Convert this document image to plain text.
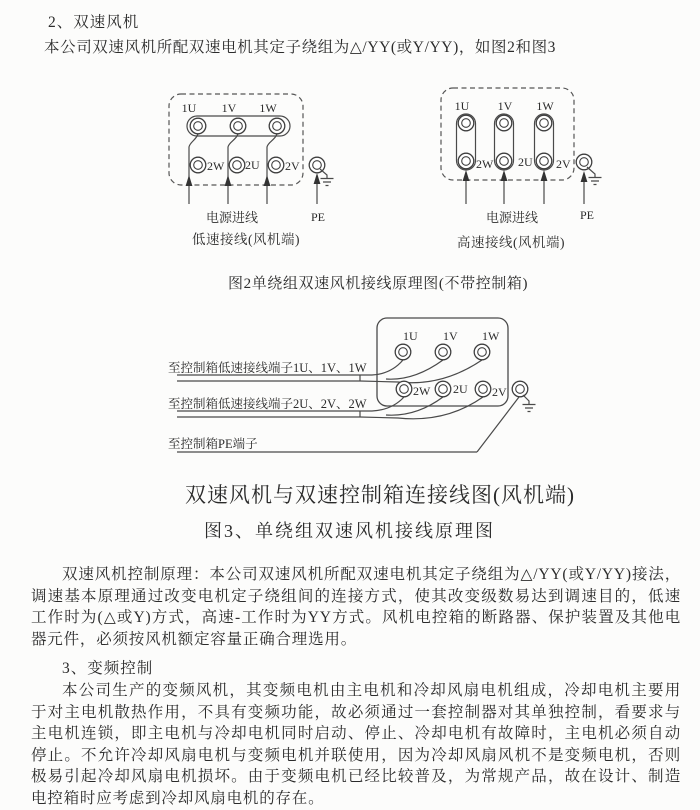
2、双速风机
本公司双速风机所配双速电机其定子绕组为△/YY(或Y/YY)，如图2和图3
1U 1V 1W
2W 2U 2V
电源进线	PE
低速接线(风机端)
1U 1V 1W
2W 2U 2V
电源进线	PE
高速接线(风机端)
1U 1V 1W
2W 2U 2V
至控制箱低速接线端子1U、1V、1W
至控制箱低速接线端子2U、2V、2W
至控制箱PE端子
图2单绕组双速风机接线原理图(不带控制箱)
双速风机与双速控制箱连接线图(风机端)
图3、单绕组双速风机接线原理图
双速风机控制原理：本公司双速风机所配双速电机其定子绕组为△/YY(或Y/YY)接法，调速基本原理通过改变电机定子绕组间的连接方式，使其改变级数易达到调速目的，低速工作时为(△或Y)方式，高速-工作时为YY方式。风机电控箱的断路器、保护装置及其他电器元件，必须按风机额定容量正确合理选用。
3、变频控制
本公司生产的变频风机，其变频电机由主电机和冷却风扇电机组成，冷却电机主要用于对主电机散热作用，不具有变频功能，故必须通过一套控制器对其单独控制，看要求与主电机连锁，即主电机与冷却电机同时启动、停止、冷却电机有故障时，主电机必须自动停止。不允许冷却风扇电机与变频电机并联使用，因为冷却风扇风机不是变频电机，否则极易引起冷却风扇电机损坏。由于变频电机已经比较普及，为常规产品，故在设计、制造电控箱时应考虑到冷却风扇电机的存在。
